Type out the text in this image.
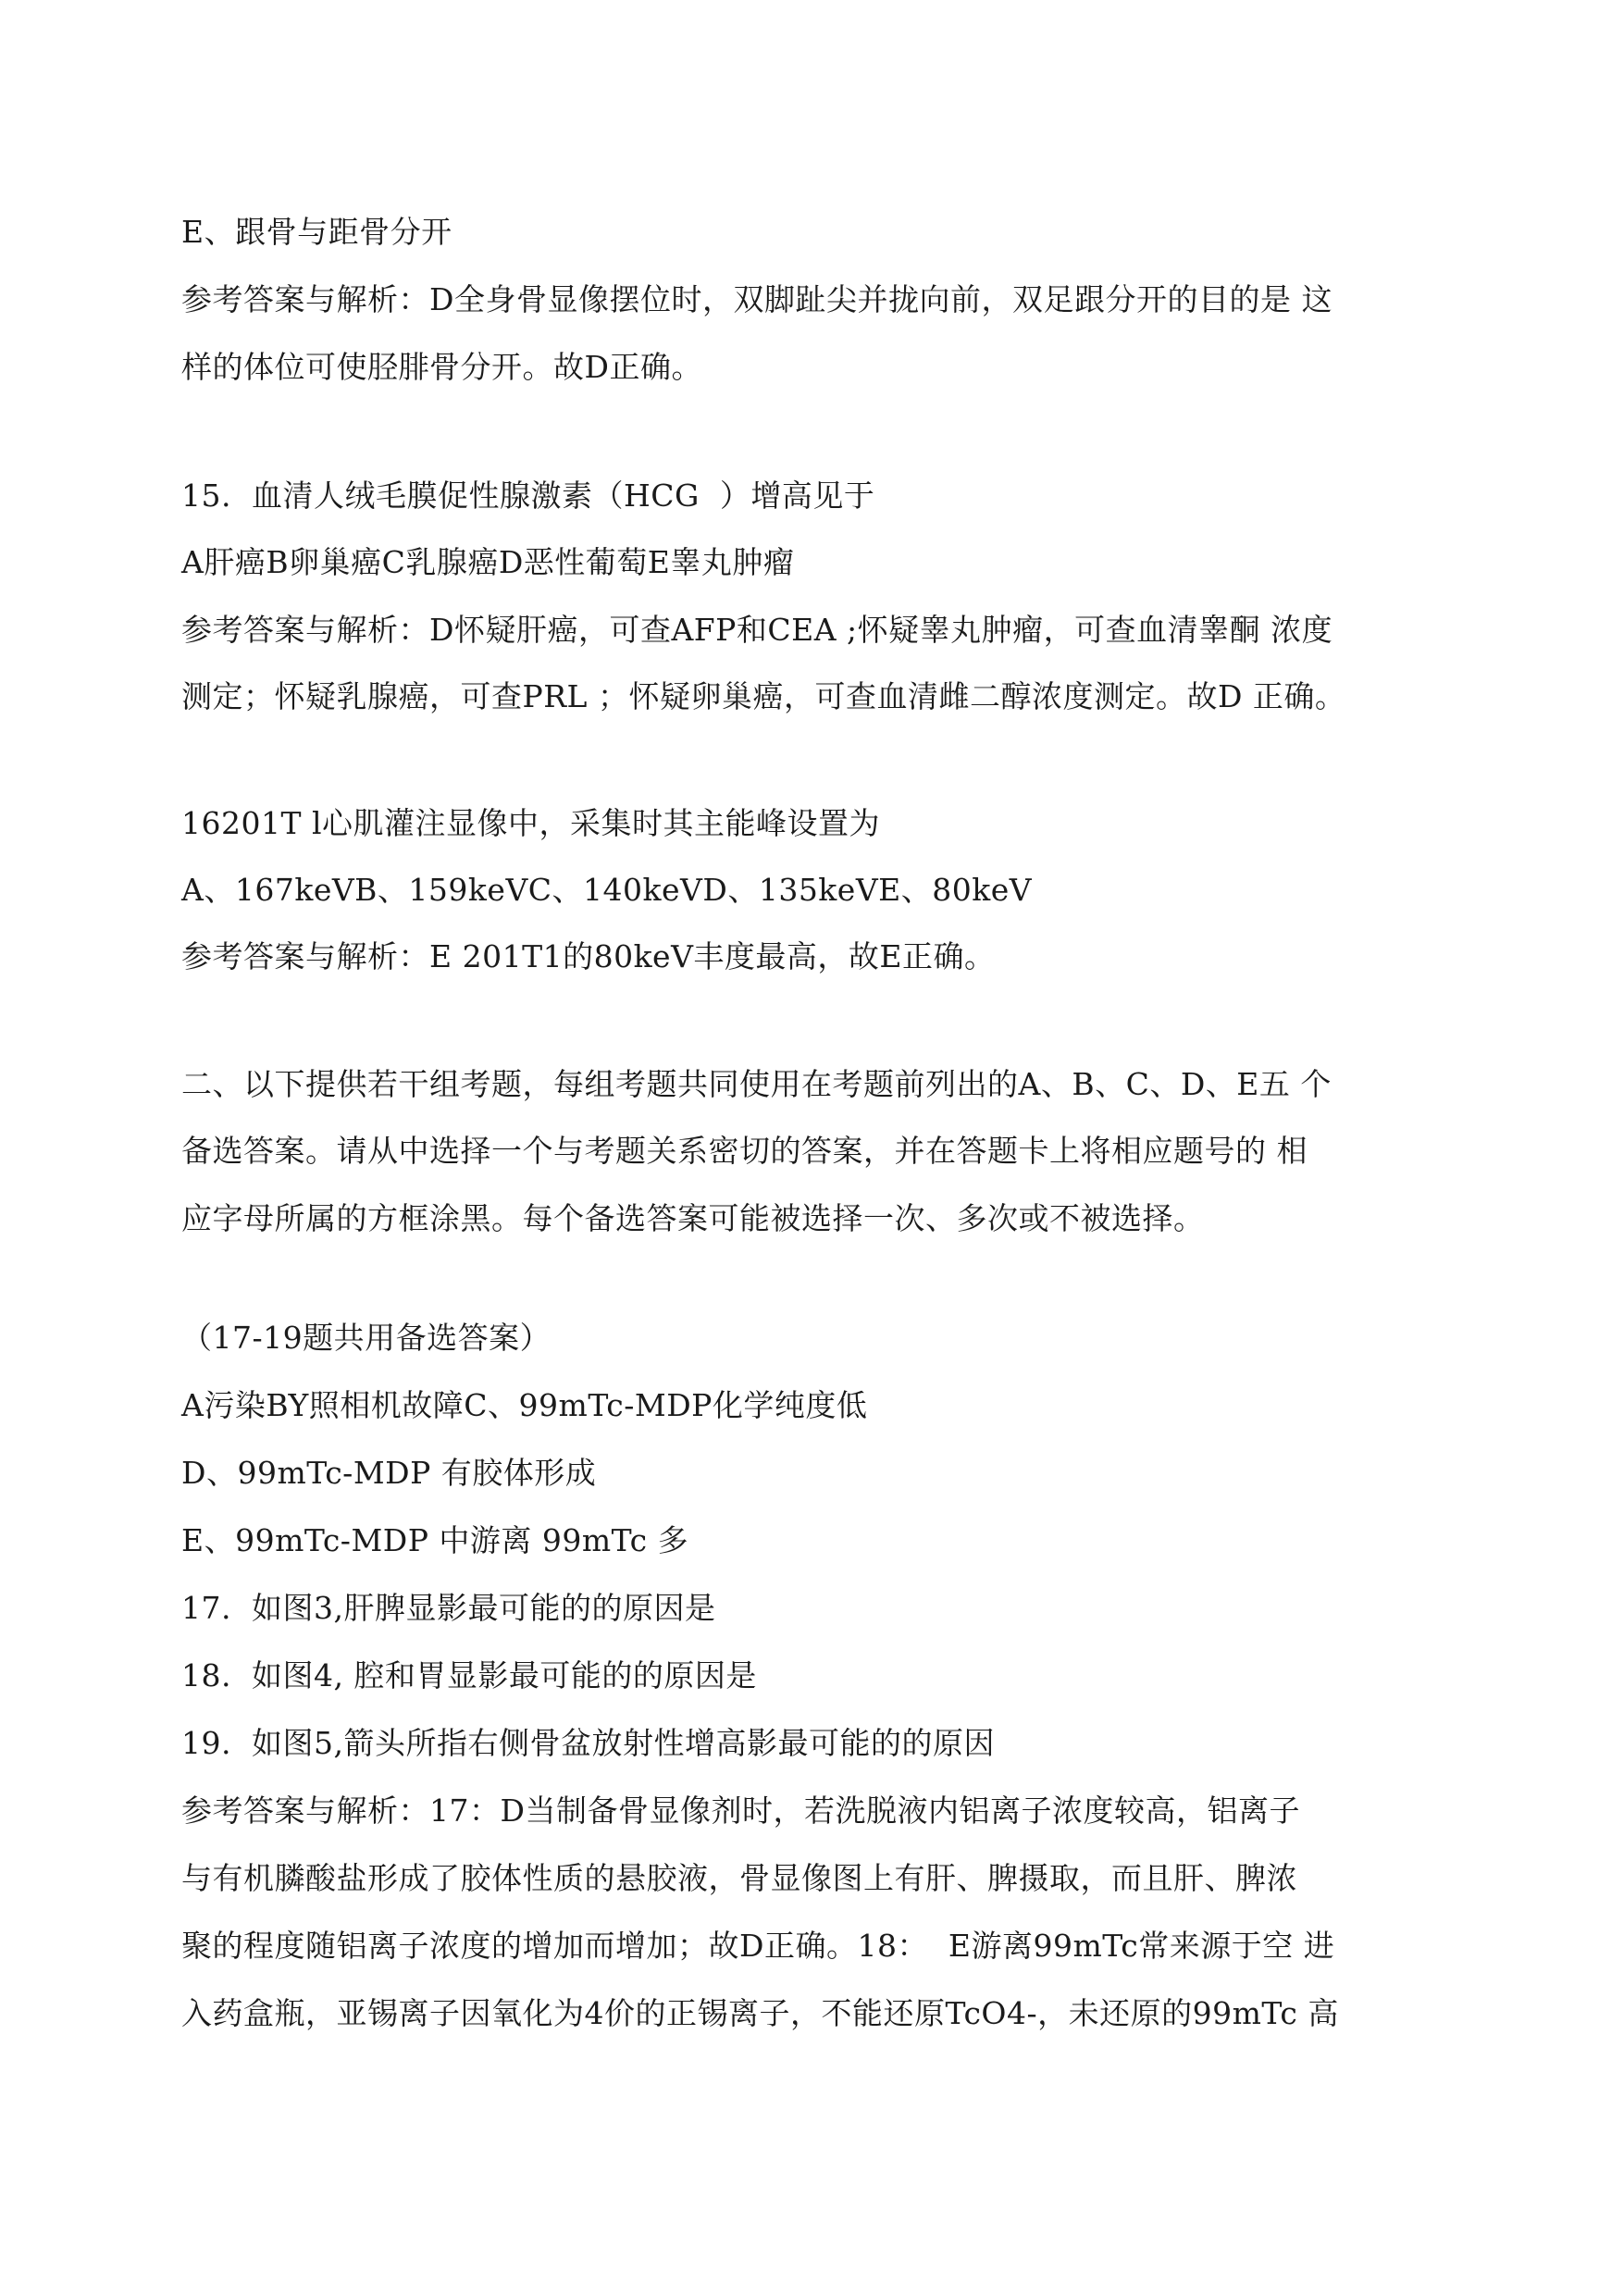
E、跟骨与距骨分开
参考答案与解析：D全身骨显像摆位时，双脚趾尖并拢向前，双足跟分开的目的是 这
样的体位可使胫腓骨分开。故D正确。
15.  血清人绒毛膜促性腺激素（HCG  ）增高见于
A肝癌B卵巢癌C乳腺癌D恶性葡萄E睾丸肿瘤
参考答案与解析：D怀疑肝癌，可查AFP和CEA ;怀疑睾丸肿瘤，可查血清睾酮 浓度
测定；怀疑乳腺癌，可查PRL ；怀疑卵巢癌，可查血清雌二醇浓度测定。故D 正确。
16201T l心肌灌注显像中，采集时其主能峰设置为
A、167keVB、159keVC、140keVD、135keVE、80keV
参考答案与解析：E 201T1的80keV丰度最高，故E正确。
二、以下提供若干组考题，每组考题共同使用在考题前列出的A、B、C、D、E五 个
备选答案。请从中选择一个与考题关系密切的答案，并在答题卡上将相应题号的 相
应字母所属的方框涂黑。每个备选答案可能被选择一次、多次或不被选择。
（17-19题共用备选答案）
A污染BY照相机故障C、99mTc-MDP化学纯度低
D、99mTc-MDP 有胶体形成
E、99mTc-MDP 中游离 99mTc 多
17.  如图3,肝脾显影最可能的的原因是
18.  如图4, 腔和胃显影最可能的的原因是
19.  如图5,箭头所指右侧骨盆放射性增高影最可能的的原因
参考答案与解析：17：D当制备骨显像剂时，若洗脱液内铝离子浓度较高，铝离子
与有机膦酸盐形成了胶体性质的悬胶液，骨显像图上有肝、脾摄取，而且肝、脾浓
聚的程度随铝离子浓度的增加而增加；故D正确。18：  E游离99mTc常来源于空 进
入药盒瓶，亚锡离子因氧化为4价的正锡离子，不能还原TcO4-，未还原的99mTc 高
